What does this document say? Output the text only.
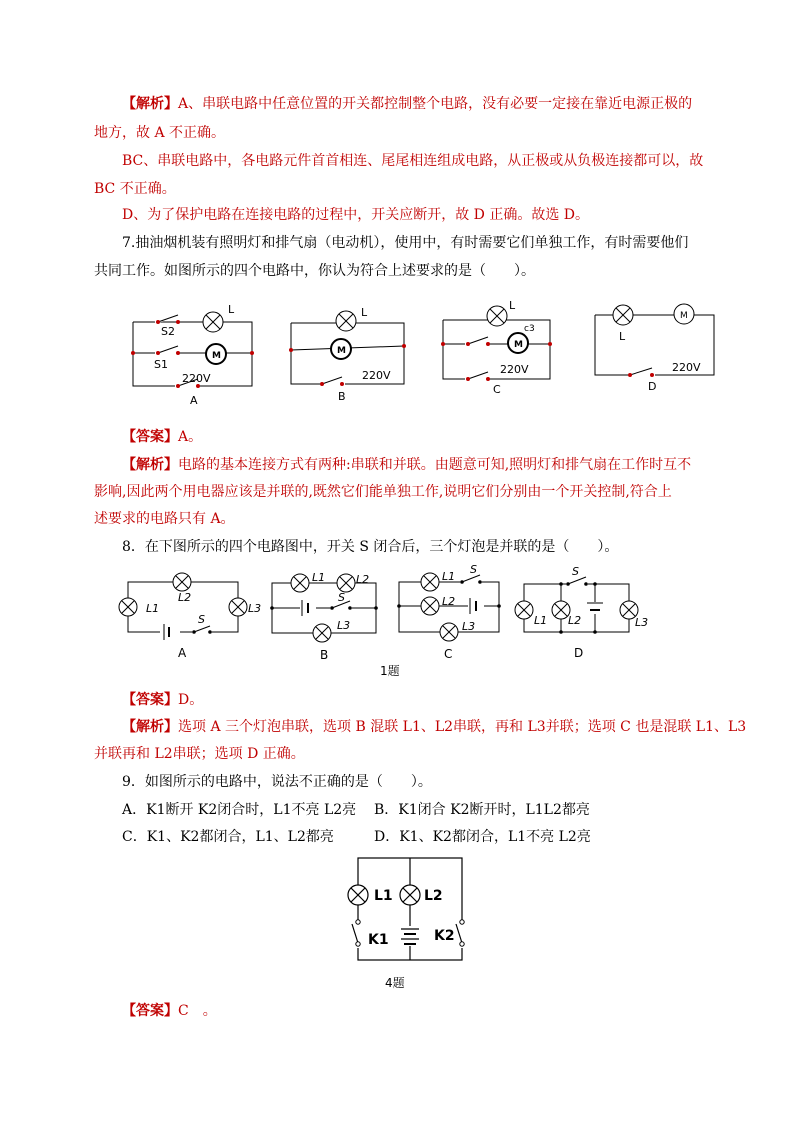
【解析】A、串联电路中任意位置的开关都控制整个电路，没有必要一定接在靠近电源正极的
地方，故 A 不正确。
BC、串联电路中，各电路元件首首相连、尾尾相连组成电路，从正极或从负极连接都可以，故
BC 不正确。
D、为了保护电路在连接电路的过程中，开关应断开，故 D 正确。故选 D。
7.抽油烟机装有照明灯和排气扇（电动机），使用中，有时需要它们单独工作，有时需要他们
共同工作。如图所示的四个电路中，你认为符合上述要求的是（　　）。
S2
S1
L
M
220V
A
L
M
220V
B
L
c3
M
220V
C
L
M
220V
D
【答案】A。
【解析】电路的基本连接方式有两种:串联和并联。由题意可知,照明灯和排气扇在工作时互不
影响,因此两个用电器应该是并联的,既然它们能单独工作,说明它们分别由一个开关控制,符合上
述要求的电路只有 A。
8．在下图所示的四个电路图中，开关 S 闭合后，三个灯泡是并联的是（　　）。
L1
L2
L3
S
L1	L2
L3
S
L1
L2
L3
S
L1 L2	L3
S
A	B	C	D
1题
【答案】D。
【解析】选项 A 三个灯泡串联，选项 B 混联 L1、L2串联，再和 L3并联；选项 C 也是混联 L1、L3
并联再和 L2串联；选项 D 正确。
9．如图所示的电路中，说法不正确的是（　　）。
A．K1断开 K2闭合时，L1不亮 L2亮 B．K1闭合 K2断开时，L1L2都亮
C．K1、K2都闭合，L1、L2都亮	D．K1、K2都闭合，L1不亮 L2亮
L1 L2
K1	K2
4题
【答案】C　。
